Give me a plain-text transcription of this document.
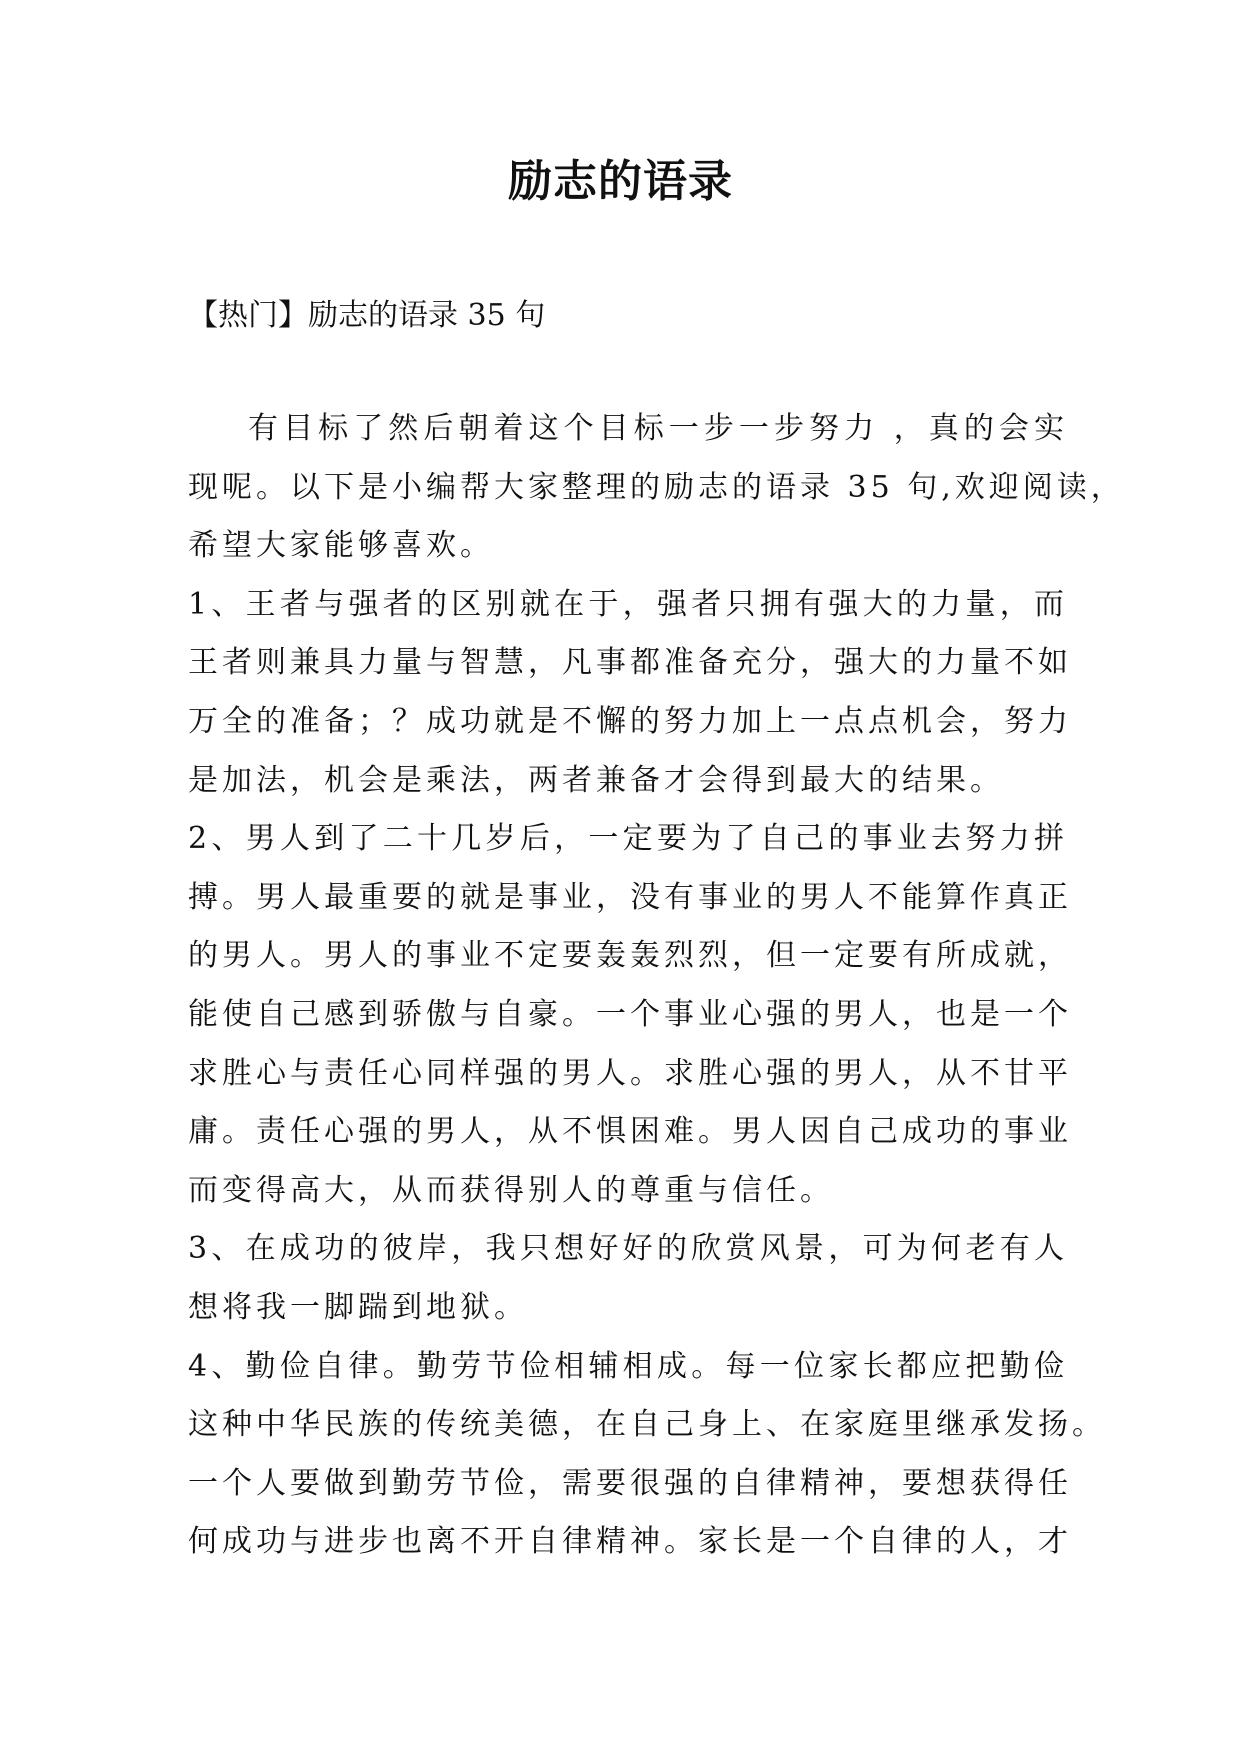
励志的语录

【热门】励志的语录 35 句

有目标了然后朝着这个目标一步一步努力 ，真的会实
现呢。以下是小编帮大家整理的励志的语录 35 句,欢迎阅读，
希望大家能够喜欢。
1、王者与强者的区别就在于，强者只拥有强大的力量，而
王者则兼具力量与智慧，凡事都准备充分，强大的力量不如
万全的准备；？成功就是不懈的努力加上一点点机会，努力
是加法，机会是乘法，两者兼备才会得到最大的结果。
2、男人到了二十几岁后，一定要为了自己的事业去努力拼
搏。男人最重要的就是事业，没有事业的男人不能算作真正
的男人。男人的事业不定要轰轰烈烈，但一定要有所成就，
能使自己感到骄傲与自豪。一个事业心强的男人，也是一个
求胜心与责任心同样强的男人。求胜心强的男人，从不甘平
庸。责任心强的男人，从不惧困难。男人因自己成功的事业
而变得高大，从而获得别人的尊重与信任。
3、在成功的彼岸，我只想好好的欣赏风景，可为何老有人
想将我一脚踹到地狱。
4、勤俭自律。勤劳节俭相辅相成。每一位家长都应把勤俭
这种中华民族的传统美德，在自己身上、在家庭里继承发扬。
一个人要做到勤劳节俭，需要很强的自律精神，要想获得任
何成功与进步也离不开自律精神。家长是一个自律的人，才
